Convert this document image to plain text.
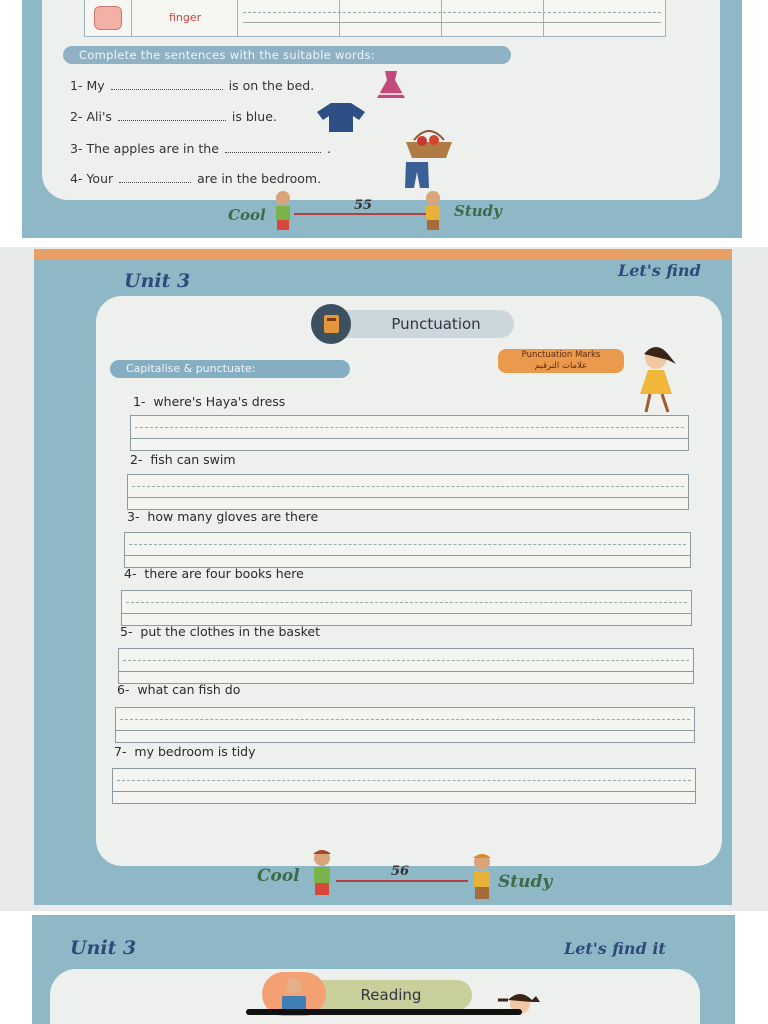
finger
Complete the sentences with the suitable words:
1- My	is on the bed.
2- Ali's	is blue.
3- The apples are in the	.
4- Your	are in the bedroom.
Cool
55	Study
Unit 3	Let's find
Punctuation
Capitalise & punctuate:
Punctuation Marks
علامات الترقيم
1- where's Haya's dress
2- fish can swim
3- how many gloves are there
4- there are four books here
5- put the clothes in the basket
6- what can fish do
7- my bedroom is tidy
Cool	56
Study
Unit 3	Let's find it
Reading
